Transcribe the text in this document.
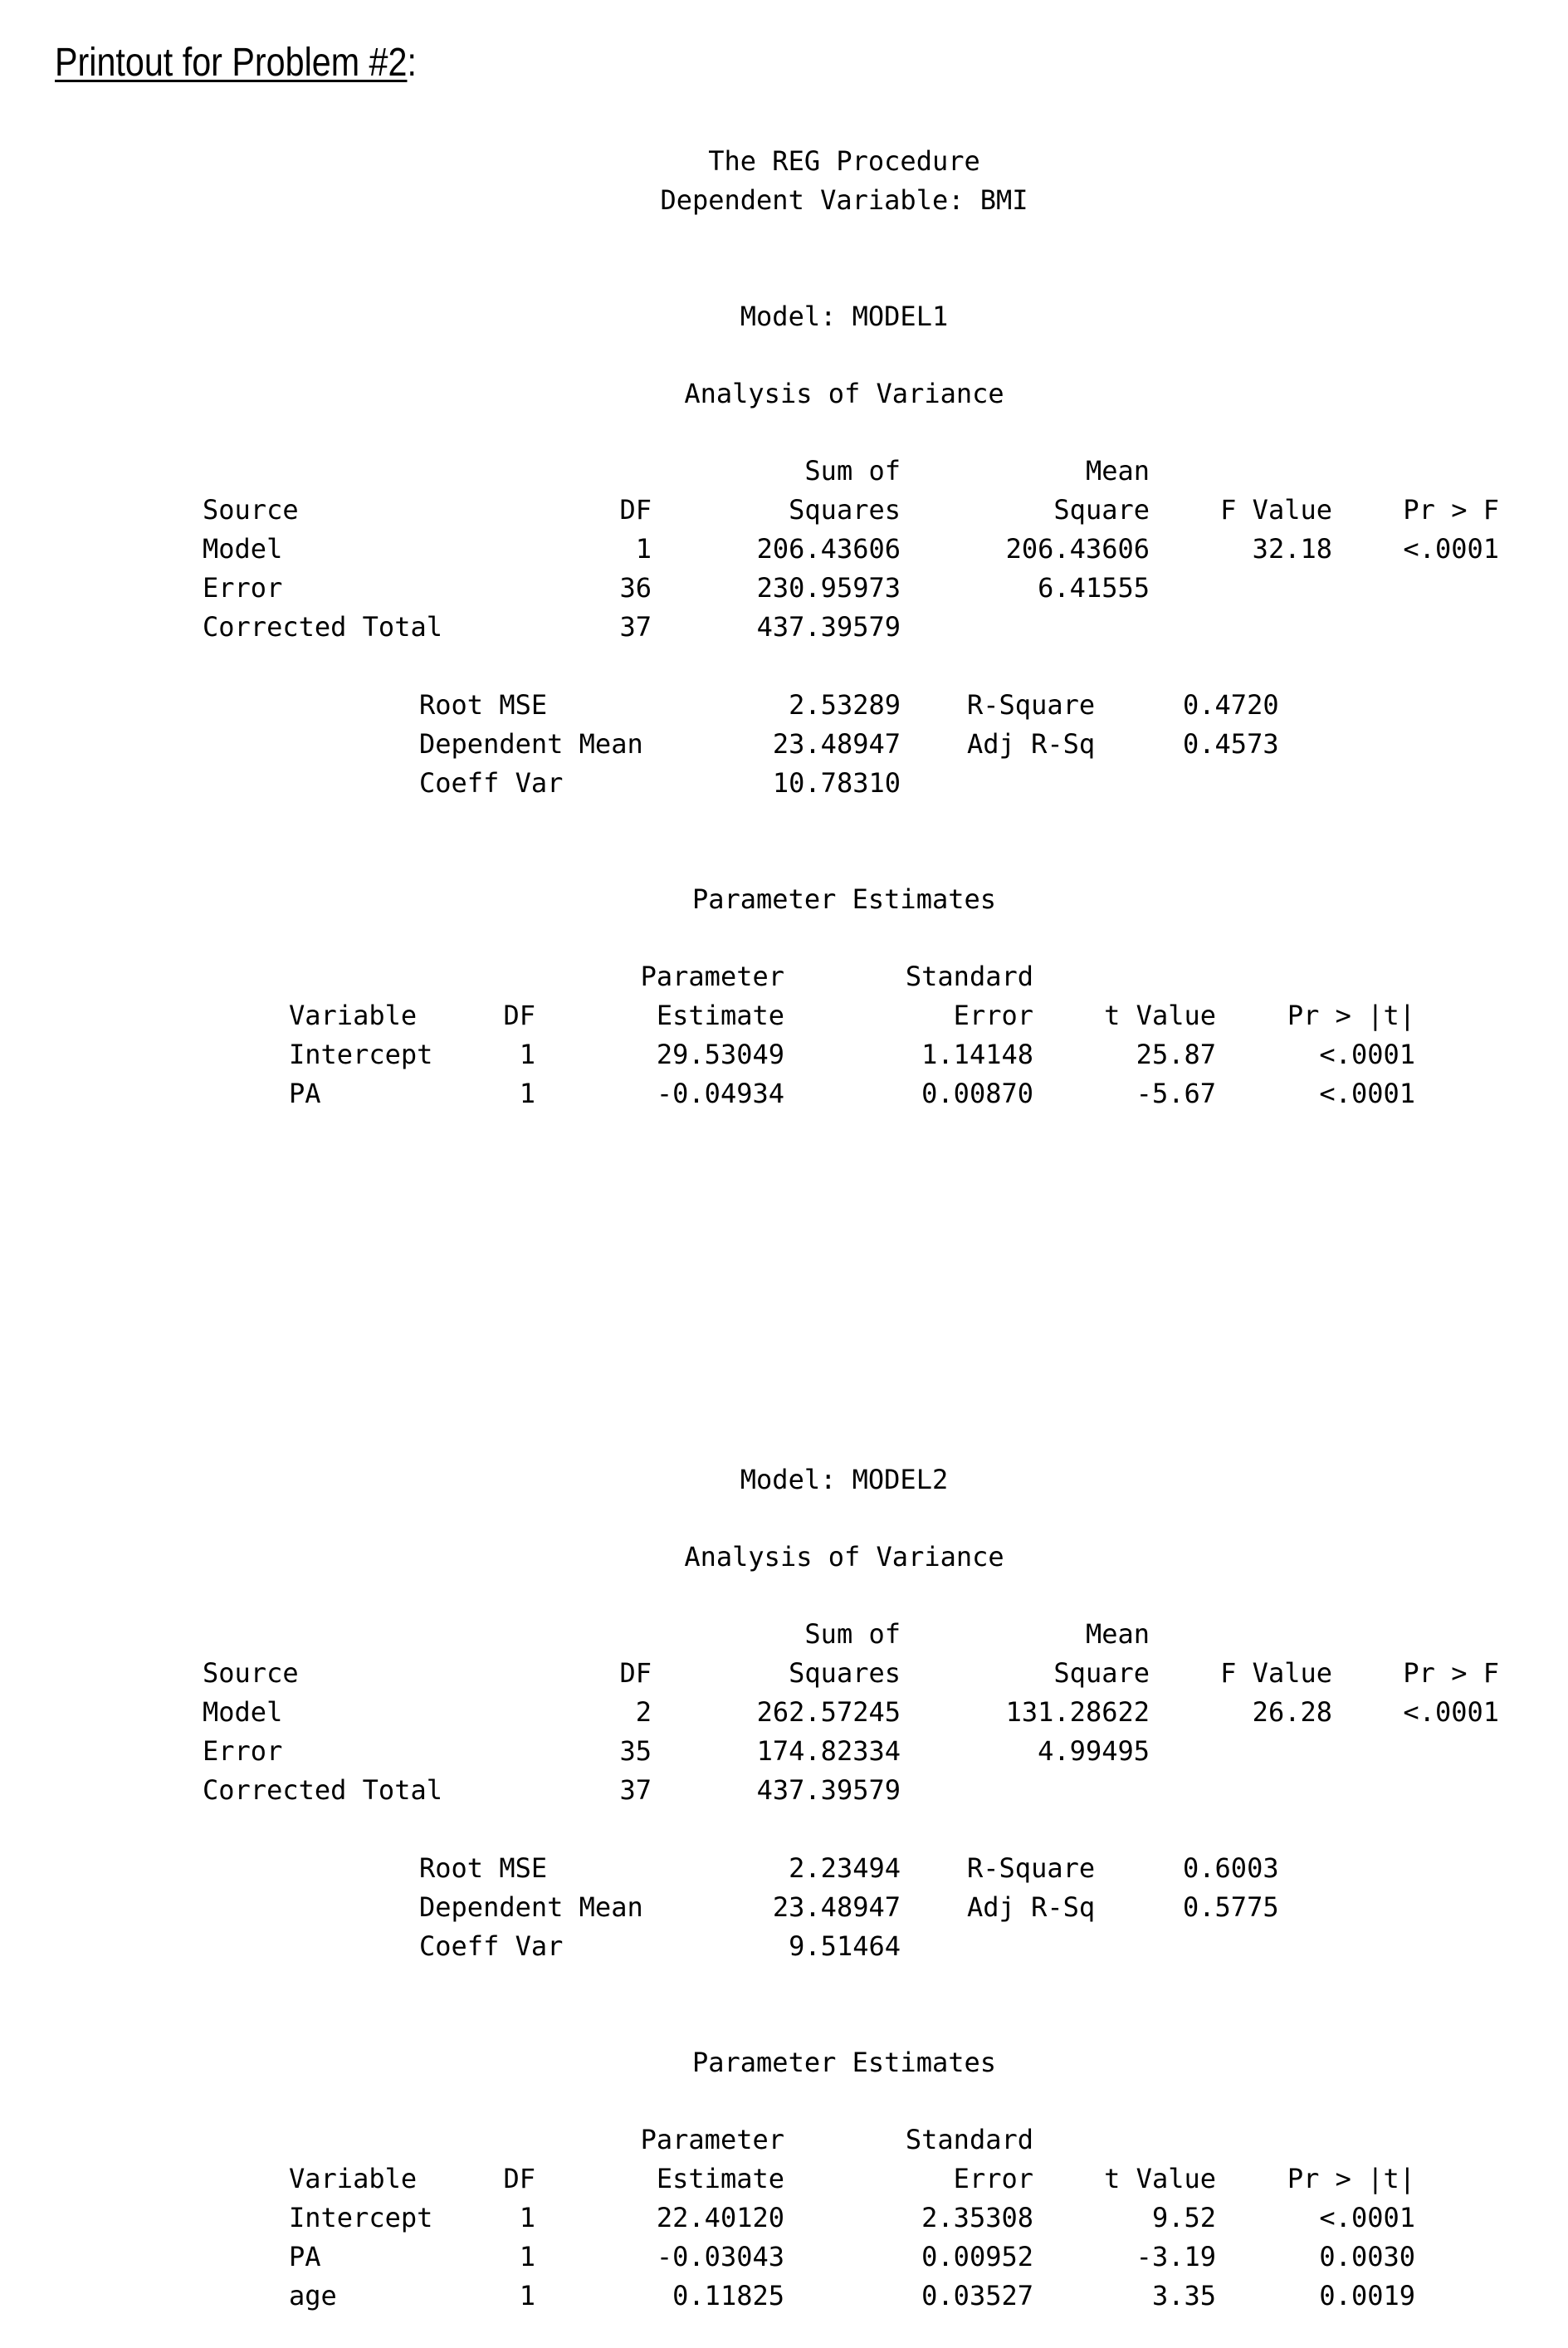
Printout for Problem #2:
The REG Procedure
Dependent Variable: BMI
Model: MODEL1
Analysis of Variance
Sum of	Mean
Source	DF	Squares	Square	F Value	Pr > F
Model	1	206.43606	206.43606	32.18	<.0001
Error	36	230.95973	6.41555
Corrected Total	37	437.39579
Root MSE	2.53289	R-Square	0.4720
Dependent Mean	23.48947	Adj R-Sq	0.4573
Coeff Var	10.78310
Parameter Estimates
Parameter	Standard
Variable	DF	Estimate	Error	t Value	Pr > |t|
Intercept	1	29.53049	1.14148	25.87	<.0001
PA	1	-0.04934	0.00870	-5.67	<.0001
Model: MODEL2
Analysis of Variance
Sum of	Mean
Source	DF	Squares	Square	F Value	Pr > F
Model	2	262.57245	131.28622	26.28	<.0001
Error	35	174.82334	4.99495
Corrected Total	37	437.39579
Root MSE	2.23494	R-Square	0.6003
Dependent Mean	23.48947	Adj R-Sq	0.5775
Coeff Var	9.51464
Parameter Estimates
Parameter	Standard
Variable	DF	Estimate	Error	t Value	Pr > |t|
Intercept	1	22.40120	2.35308	9.52	<.0001
PA	1	-0.03043	0.00952	-3.19	0.0030
age	1	0.11825	0.03527	3.35	0.0019
